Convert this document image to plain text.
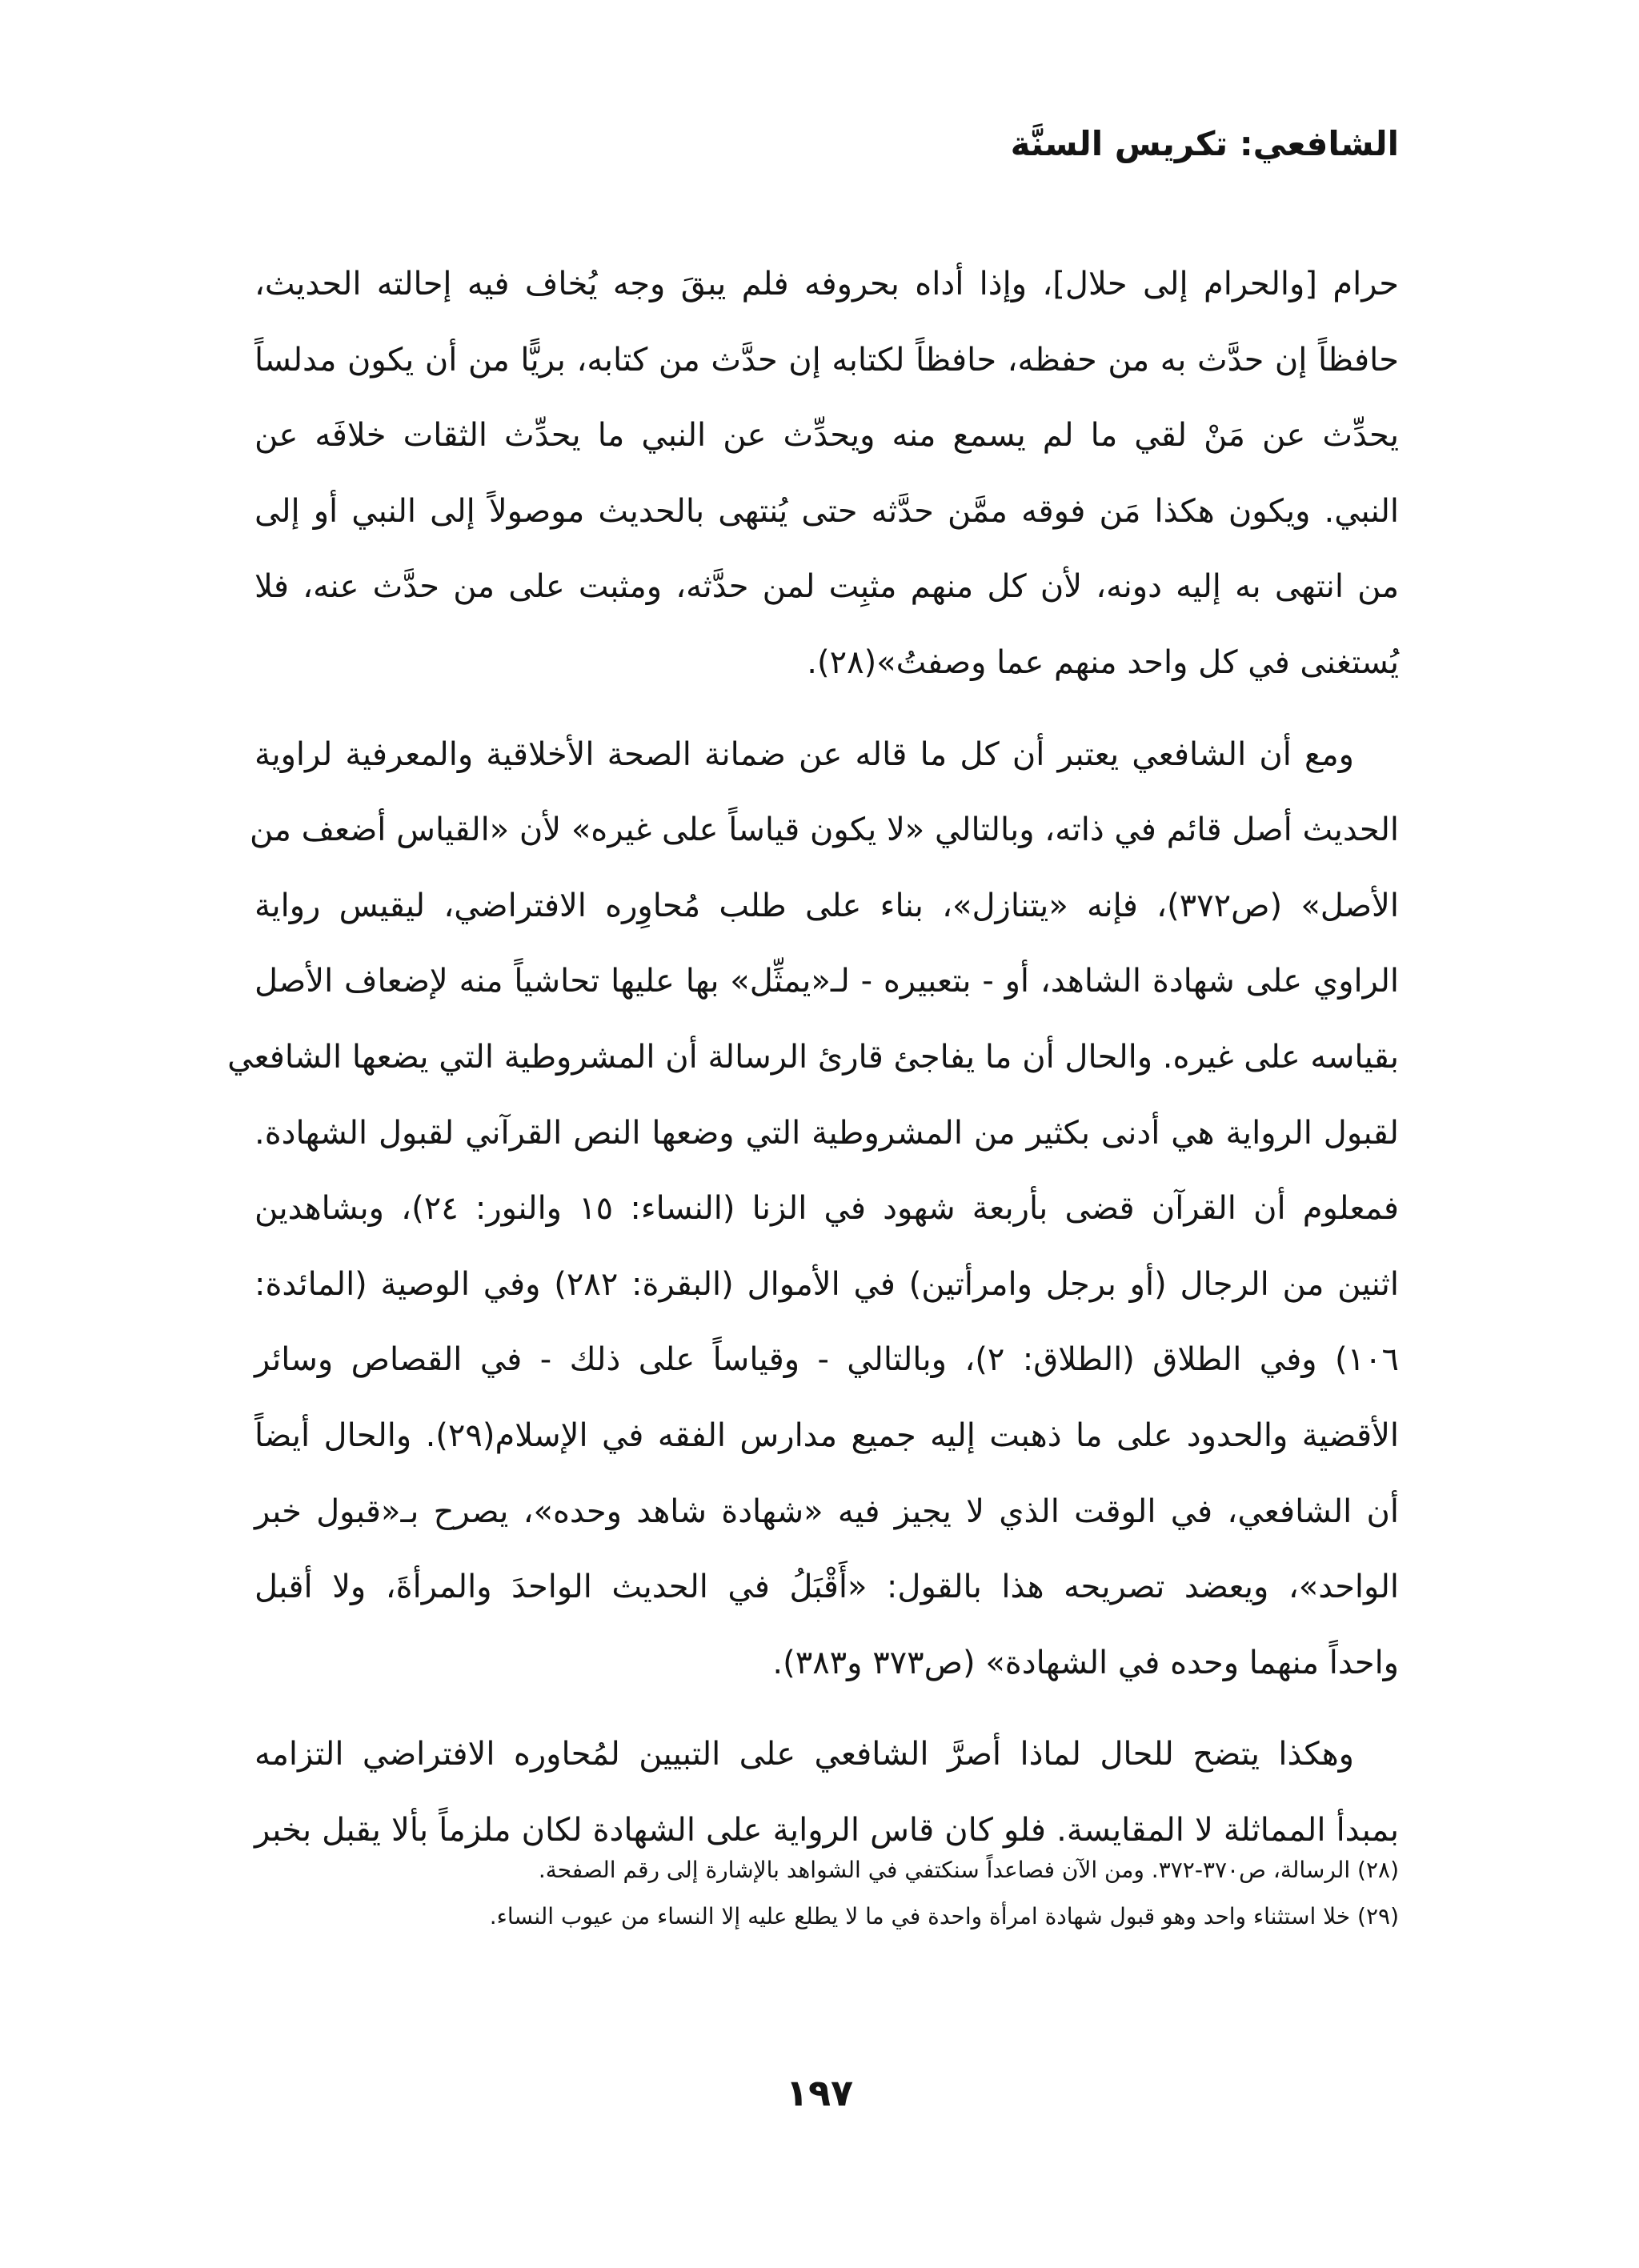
الشافعي: تكريس السنَّة

حرام [والحرام إلى حلال]، وإذا أداه بحروفه فلم يبقَ وجه يُخاف فيه إحالته الحديث،
حافظاً إن حدَّث به من حفظه، حافظاً لكتابه إن حدَّث من كتابه، بريًّا من أن يكون مدلساً
يحدِّث عن مَنْ لقي ما لم يسمع منه ويحدِّث عن النبي ما يحدِّث الثقات خلافَه عن
النبي. ويكون هكذا مَن فوقه ممَّن حدَّثه حتى يُنتهى بالحديث موصولاً إلى النبي أو إلى
من انتهى به إليه دونه، لأن كل منهم مثبِت لمن حدَّثه، ومثبت على من حدَّث عنه، فلا
يُستغنى في كل واحد منهم عما وصفتُ»(٢٨).

ومع أن الشافعي يعتبر أن كل ما قاله عن ضمانة الصحة الأخلاقية والمعرفية لراوية
الحديث أصل قائم في ذاته، وبالتالي «لا يكون قياساً على غيره» لأن «القياس أضعف من
الأصل» (ص٣٧٢)، فإنه «يتنازل»، بناء على طلب مُحاوِره الافتراضي، ليقيس رواية
الراوي على شهادة الشاهد، أو - بتعبيره - لـ«يمثِّل» بها عليها تحاشياً منه لإضعاف الأصل
بقياسه على غيره. والحال أن ما يفاجئ قارئ الرسالة أن المشروطية التي يضعها الشافعي
لقبول الرواية هي أدنى بكثير من المشروطية التي وضعها النص القرآني لقبول الشهادة.
فمعلوم أن القرآن قضى بأربعة شهود في الزنا (النساء: ١٥ والنور: ٢٤)، وبشاهدين
اثنين من الرجال (أو برجل وامرأتين) في الأموال (البقرة: ٢٨٢) وفي الوصية (المائدة:
١٠٦) وفي الطلاق (الطلاق: ٢)، وبالتالي - وقياساً على ذلك - في القصاص وسائر
الأقضية والحدود على ما ذهبت إليه جميع مدارس الفقه في الإسلام(٢٩). والحال أيضاً
أن الشافعي، في الوقت الذي لا يجيز فيه «شهادة شاهد وحده»، يصرح بـ«قبول خبر
الواحد»، ويعضد تصريحه هذا بالقول: «أَقْبَلُ في الحديث الواحدَ والمرأةَ، ولا أقبل
واحداً منهما وحده في الشهادة» (ص٣٧٣ و٣٨٣).

وهكذا يتضح للحال لماذا أصرَّ الشافعي على التبيين لمُحاوره الافتراضي التزامه
بمبدأ المماثلة لا المقايسة. فلو كان قاس الرواية على الشهادة لكان ملزماً بألا يقبل بخبر

(٢٨) الرسالة، ص٣٧٠-٣٧٢. ومن الآن فصاعداً سنكتفي في الشواهد بالإشارة إلى رقم الصفحة.
(٢٩) خلا استثناء واحد وهو قبول شهادة امرأة واحدة في ما لا يطلع عليه إلا النساء من عيوب النساء.
١٩٧
